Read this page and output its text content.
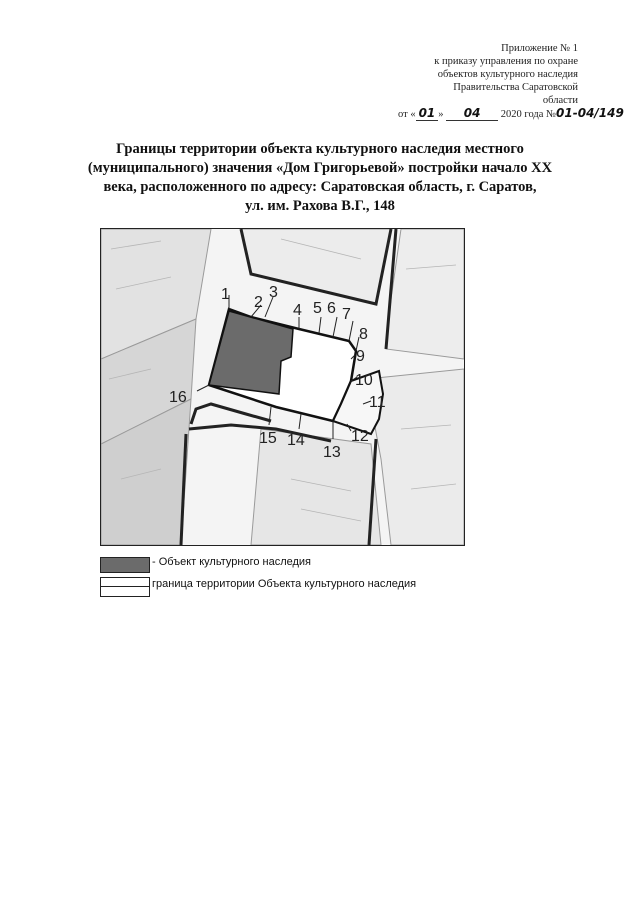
Приложение № 1
к приказу управления по охране
объектов культурного наследия
Правительства Саратовской
области
от « 01 » 04 2020 года №01-04/149
Границы территории объекта культурного наследия местного
(муниципального) значения «Дом Григорьевой» постройки начало XX
века, расположенного по адресу: Саратовская область, г. Саратов,
ул. им. Рахова В.Г., 148
1 2
3
4 5 6 7
8
9
10
11
12
13
14
15
16
- Объект культурного наследия
граница территории Объекта культурного наследия
